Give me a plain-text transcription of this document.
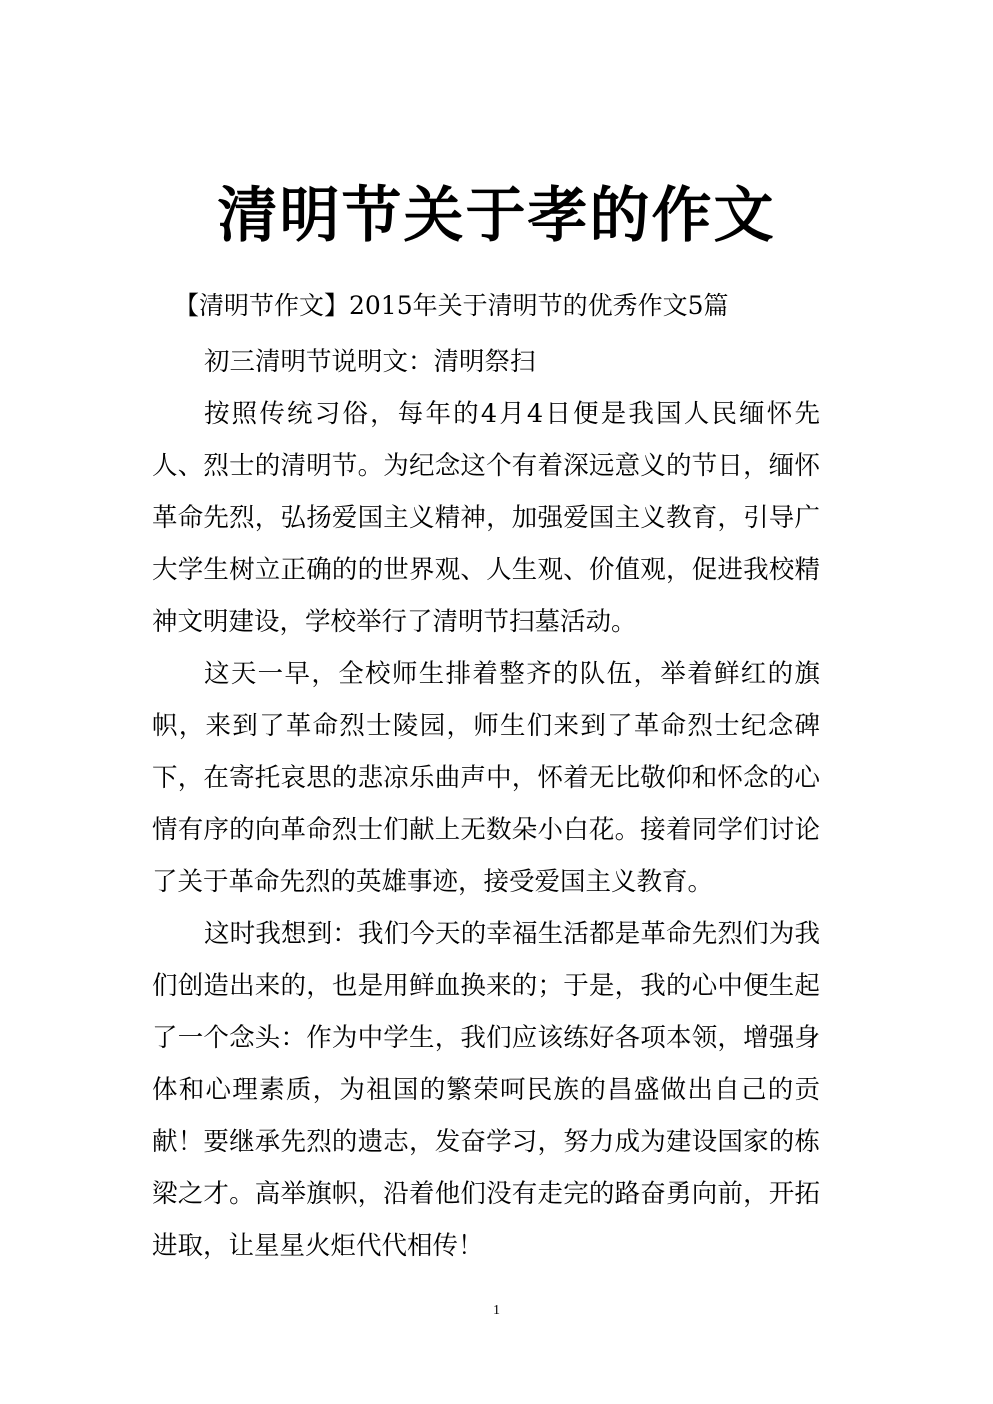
清明节关于孝的作文
【清明节作文】2015年关于清明节的优秀作文5篇

初三清明节说明文：清明祭扫

按照传统习俗，每年的4月4日便是我国人民缅怀先人、烈士的清明节。为纪念这个有着深远意义的节日，缅怀革命先烈，弘扬爱国主义精神，加强爱国主义教育，引导广大学生树立正确的的世界观、人生观、价值观，促进我校精神文明建设，学校举行了清明节扫墓活动。

这天一早，全校师生排着整齐的队伍，举着鲜红的旗帜，来到了革命烈士陵园，师生们来到了革命烈士纪念碑下，在寄托哀思的悲凉乐曲声中，怀着无比敬仰和怀念的心情有序的向革命烈士们献上无数朵小白花。接着同学们讨论了关于革命先烈的英雄事迹，接受爱国主义教育。

这时我想到：我们今天的幸福生活都是革命先烈们为我们创造出来的，也是用鲜血换来的；于是，我的心中便生起了一个念头：作为中学生，我们应该练好各项本领，增强身体和心理素质，为祖国的繁荣呵民族的昌盛做出自己的贡献！要继承先烈的遗志，发奋学习，努力成为建设国家的栋梁之才。高举旗帜，沿着他们没有走完的路奋勇向前，开拓进取，让星星火炬代代相传！

1
